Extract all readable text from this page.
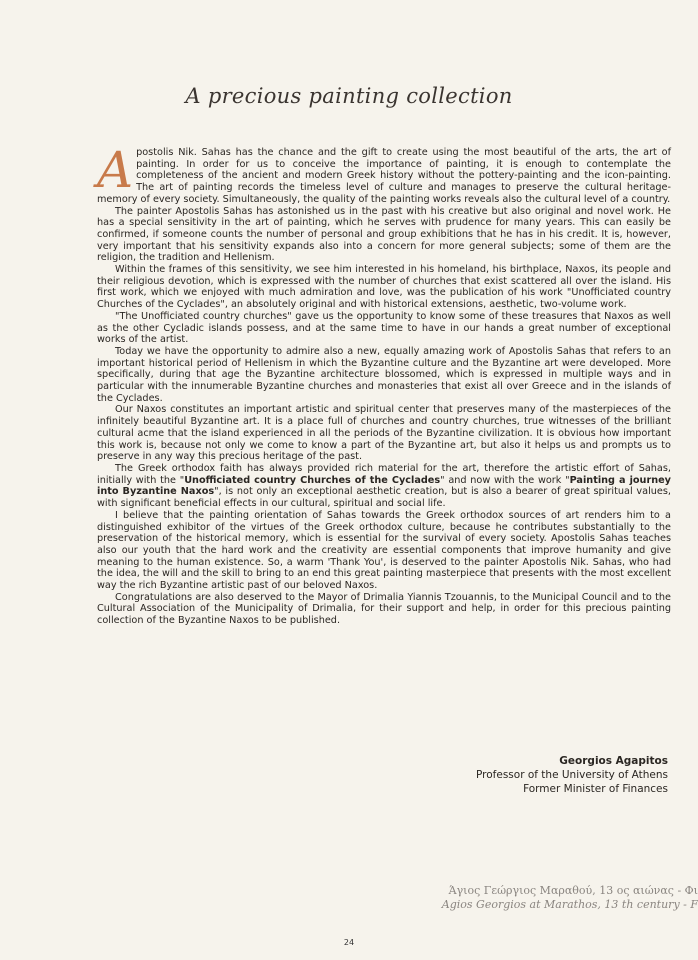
A precious painting collection

Apostolis Nik. Sahas has the chance and the gift to create using the most beautiful of the arts, the art of painting. In order for us to conceive the importance of painting, it is enough to contemplate the completeness of the ancient and modern Greek history without the pottery-painting and the icon-painting. The art of painting records the timeless level of culture and manages to preserve the cultural heritage-memory of every society. Simultaneously, the quality of the painting works reveals also the cultural level of a country.

The painter Apostolis Sahas has astonished us in the past with his creative but also original and novel work. He has a special sensitivity in the art of painting, which he serves with prudence for many years. This can easily be confirmed, if someone counts the number of personal and group exhibitions that he has in his credit. It is, however, very important that his sensitivity expands also into a concern for more general subjects; some of them are the religion, the tradition and Hellenism.

Within the frames of this sensitivity, we see him interested in his homeland, his birthplace, Naxos, its people and their religious devotion, which is expressed with the number of churches that exist scattered all over the island. His first work, which we enjoyed with much admiration and love, was the publication of his work "Unofficiated country Churches of the Cyclades", an absolutely original and with historical extensions, aesthetic, two-volume work.

"The Unofficiated country churches" gave us the opportunity to know some of these treasures that Naxos as well as the other Cycladic islands possess, and at the same time to have in our hands a great number of exceptional works of the artist.

Today we have the opportunity to admire also a new, equally amazing work of Apostolis Sahas that refers to an important historical period of Hellenism in which the Byzantine culture and the Byzantine art were developed. More specifically, during that age the Byzantine architecture blossomed, which is expressed in multiple ways and in particular with the innumerable Byzantine churches and monasteries that exist all over Greece and in the islands of the Cyclades.

Our Naxos constitutes an important artistic and spiritual center that preserves many of the masterpieces of the infinitely beautiful Byzantine art. It is a place full of churches and country churches, true witnesses of the brilliant cultural acme that the island experienced in all the periods of the Byzantine civilization. It is obvious how important this work is, because not only we come to know a part of the Byzantine art, but also it helps us and prompts us to preserve in any way this precious heritage of the past.

The Greek orthodox faith has always provided rich material for the art, therefore the artistic effort of Sahas, initially with the "Unofficiated country Churches of the Cyclades" and now with the work "Painting a journey into Byzantine Naxos", is not only an exceptional aesthetic creation, but is also a bearer of great spiritual values, with significant beneficial effects in our cultural, spiritual and social life.

I believe that the painting orientation of Sahas towards the Greek orthodox sources of art renders him to a distinguished exhibitor of the virtues of the Greek orthodox culture, because he contributes substantially to the preservation of the historical memory, which is essential for the survival of every society. Apostolis Sahas teaches also our youth that the hard work and the creativity are essential components that improve humanity and give meaning to the human existence. So, a warm 'Thank You', is deserved to the painter Apostolis Nik. Sahas, who had the idea, the will and the skill to bring to an end this great painting masterpiece that presents with the most excellent way the rich Byzantine artistic past of our beloved Naxos.

Congratulations are also deserved to the Mayor of Drimalia Yiannis Tzouannis, to the Municipal Council and to the Cultural Association of the Municipality of Drimalia, for their support and help, in order for this precious painting collection of the Byzantine Naxos to be published.

Georgios Agapitos
Professor of the University of Athens
Former Minister of Finances
Άγιος Γεώργιος Μαραθού, 13 ος αιώνας - Φι
Agios Georgios at Marathos, 13 th century - F
24
